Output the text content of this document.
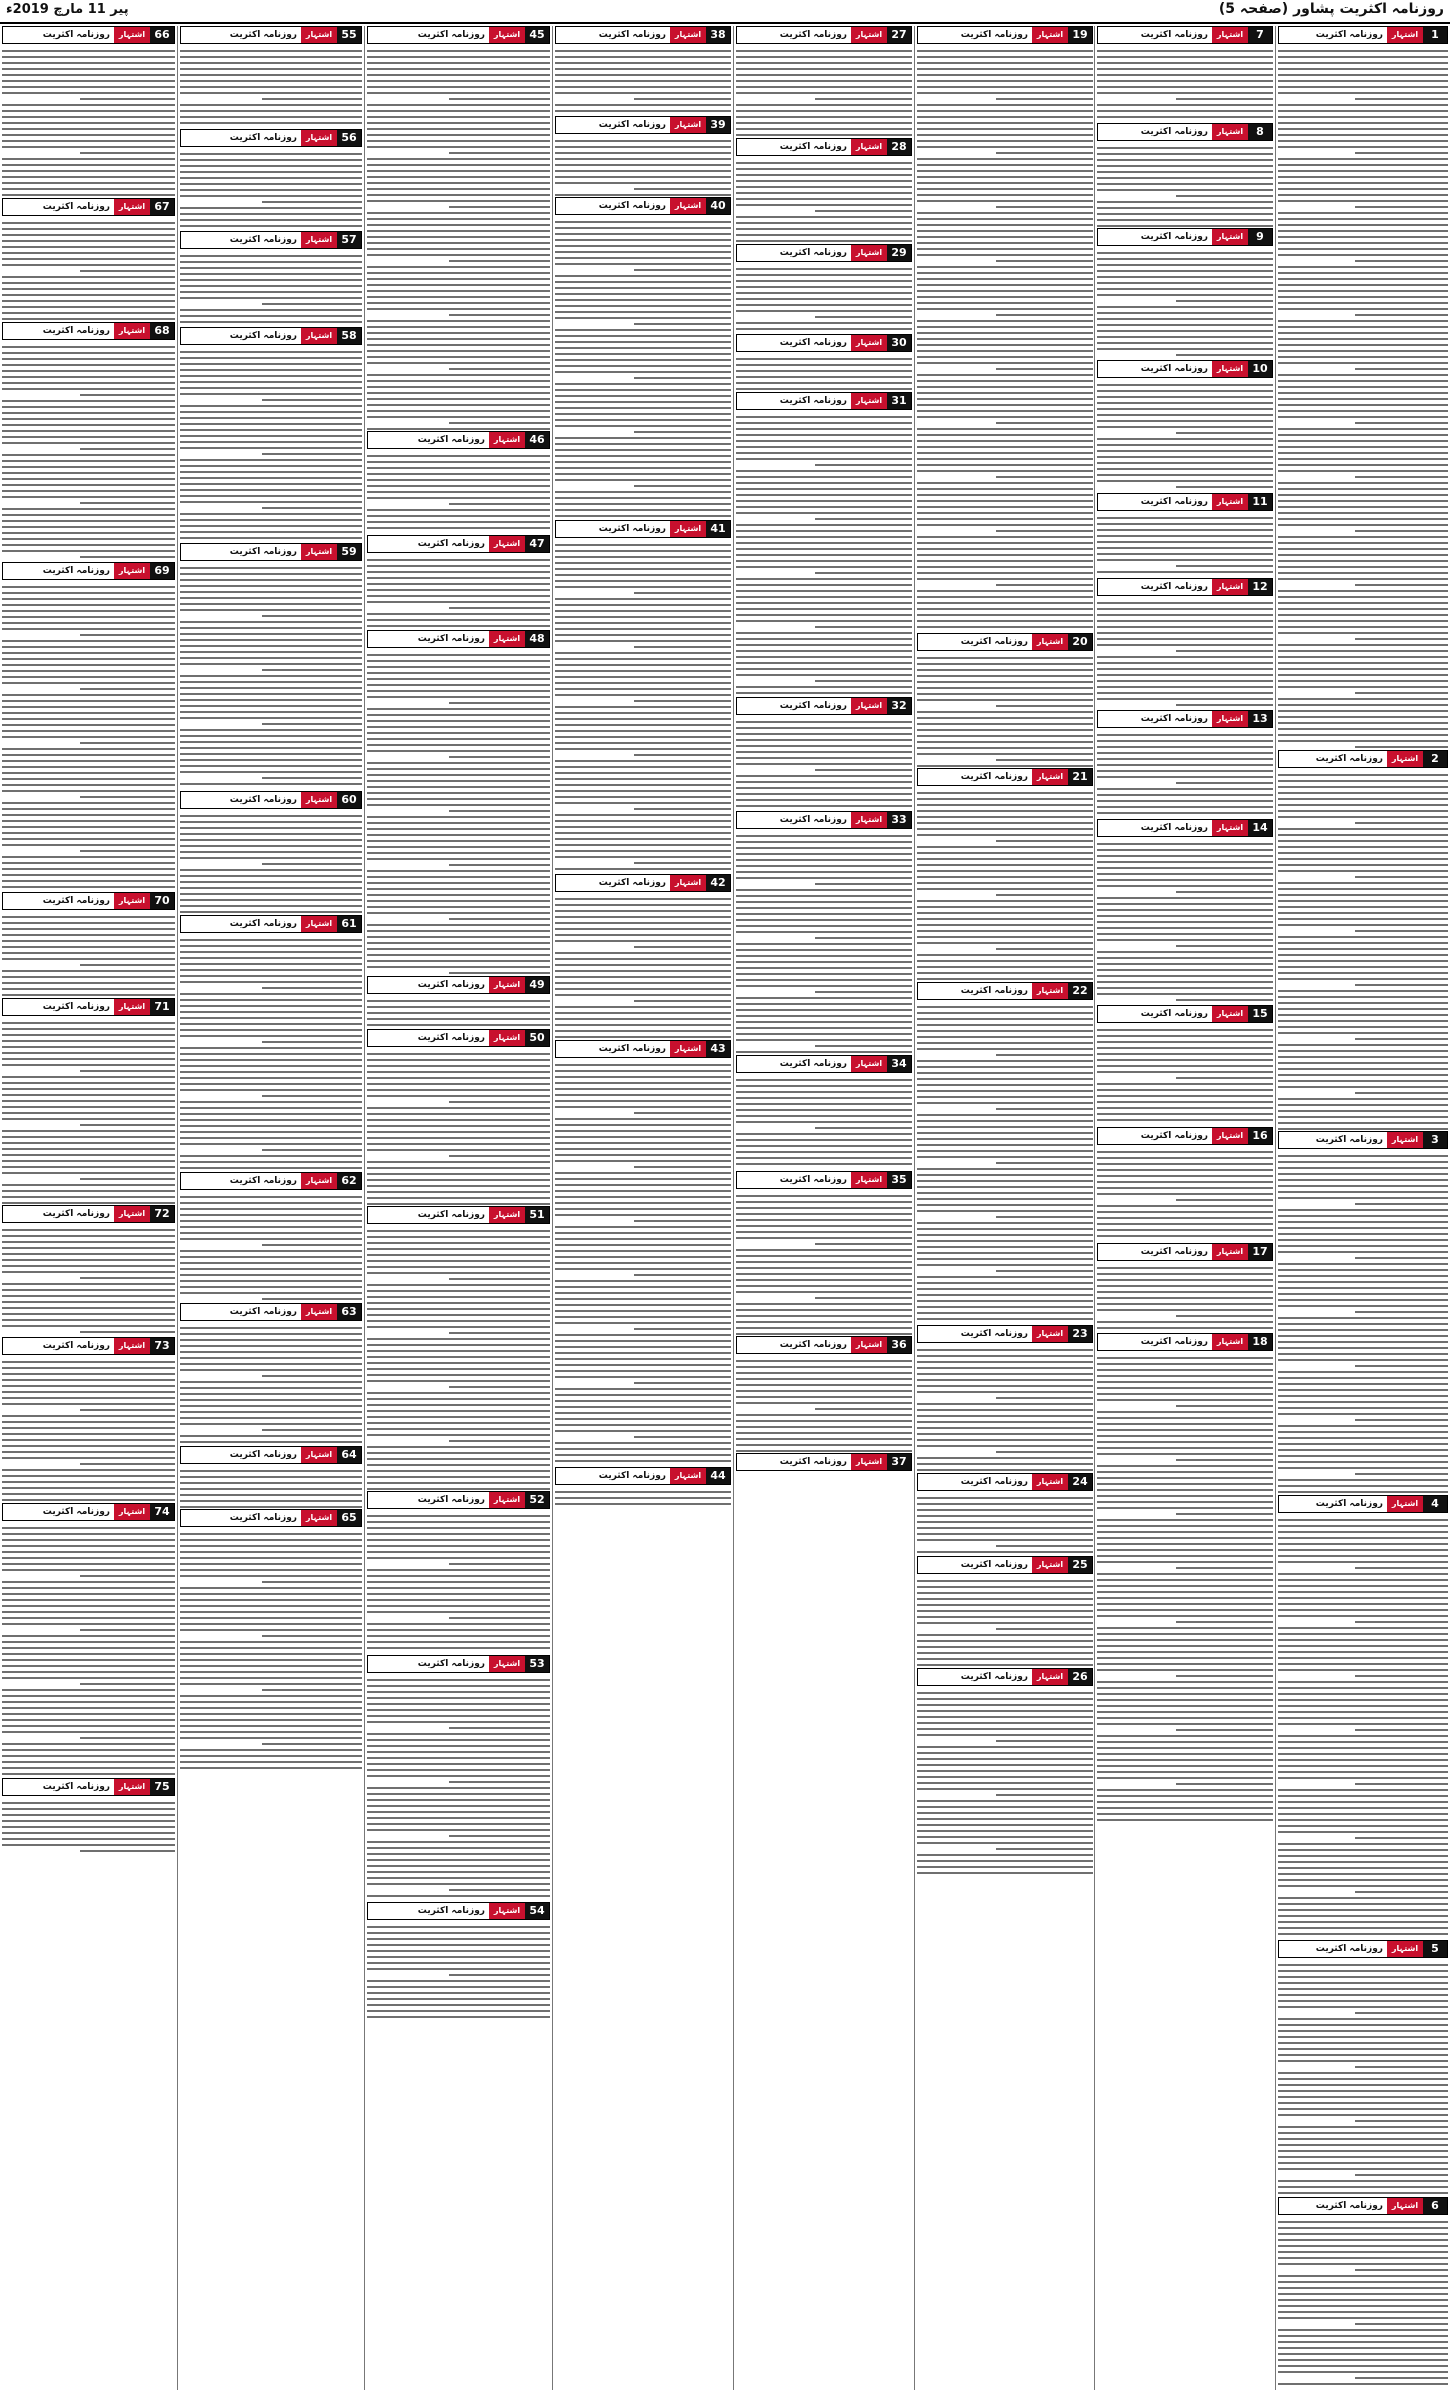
روزنامہ اکثریت پشاور (صفحہ 5)
پیر 11 مارچ 2019ء
1
اشتہار
روزنامہ اکثریت
2
اشتہار
روزنامہ اکثریت
3
اشتہار
روزنامہ اکثریت
4
اشتہار
روزنامہ اکثریت
5
اشتہار
روزنامہ اکثریت
6
اشتہار
روزنامہ اکثریت
7
اشتہار
روزنامہ اکثریت
8
اشتہار
روزنامہ اکثریت
9
اشتہار
روزنامہ اکثریت
10
اشتہار
روزنامہ اکثریت
11
اشتہار
روزنامہ اکثریت
12
اشتہار
روزنامہ اکثریت
13
اشتہار
روزنامہ اکثریت
14
اشتہار
روزنامہ اکثریت
15
اشتہار
روزنامہ اکثریت
16
اشتہار
روزنامہ اکثریت
17
اشتہار
روزنامہ اکثریت
18
اشتہار
روزنامہ اکثریت
19
اشتہار
روزنامہ اکثریت
20
اشتہار
روزنامہ اکثریت
21
اشتہار
روزنامہ اکثریت
22
اشتہار
روزنامہ اکثریت
23
اشتہار
روزنامہ اکثریت
24
اشتہار
روزنامہ اکثریت
25
اشتہار
روزنامہ اکثریت
26
اشتہار
روزنامہ اکثریت
27
اشتہار
روزنامہ اکثریت
28
اشتہار
روزنامہ اکثریت
29
اشتہار
روزنامہ اکثریت
30
اشتہار
روزنامہ اکثریت
31
اشتہار
روزنامہ اکثریت
32
اشتہار
روزنامہ اکثریت
33
اشتہار
روزنامہ اکثریت
34
اشتہار
روزنامہ اکثریت
35
اشتہار
روزنامہ اکثریت
36
اشتہار
روزنامہ اکثریت
37
اشتہار
روزنامہ اکثریت
38
اشتہار
روزنامہ اکثریت
39
اشتہار
روزنامہ اکثریت
40
اشتہار
روزنامہ اکثریت
41
اشتہار
روزنامہ اکثریت
42
اشتہار
روزنامہ اکثریت
43
اشتہار
روزنامہ اکثریت
44
اشتہار
روزنامہ اکثریت
45
اشتہار
روزنامہ اکثریت
46
اشتہار
روزنامہ اکثریت
47
اشتہار
روزنامہ اکثریت
48
اشتہار
روزنامہ اکثریت
49
اشتہار
روزنامہ اکثریت
50
اشتہار
روزنامہ اکثریت
51
اشتہار
روزنامہ اکثریت
52
اشتہار
روزنامہ اکثریت
53
اشتہار
روزنامہ اکثریت
54
اشتہار
روزنامہ اکثریت
55
اشتہار
روزنامہ اکثریت
56
اشتہار
روزنامہ اکثریت
57
اشتہار
روزنامہ اکثریت
58
اشتہار
روزنامہ اکثریت
59
اشتہار
روزنامہ اکثریت
60
اشتہار
روزنامہ اکثریت
61
اشتہار
روزنامہ اکثریت
62
اشتہار
روزنامہ اکثریت
63
اشتہار
روزنامہ اکثریت
64
اشتہار
روزنامہ اکثریت
65
اشتہار
روزنامہ اکثریت
66
اشتہار
روزنامہ اکثریت
67
اشتہار
روزنامہ اکثریت
68
اشتہار
روزنامہ اکثریت
69
اشتہار
روزنامہ اکثریت
70
اشتہار
روزنامہ اکثریت
71
اشتہار
روزنامہ اکثریت
72
اشتہار
روزنامہ اکثریت
73
اشتہار
روزنامہ اکثریت
74
اشتہار
روزنامہ اکثریت
75
اشتہار
روزنامہ اکثریت
